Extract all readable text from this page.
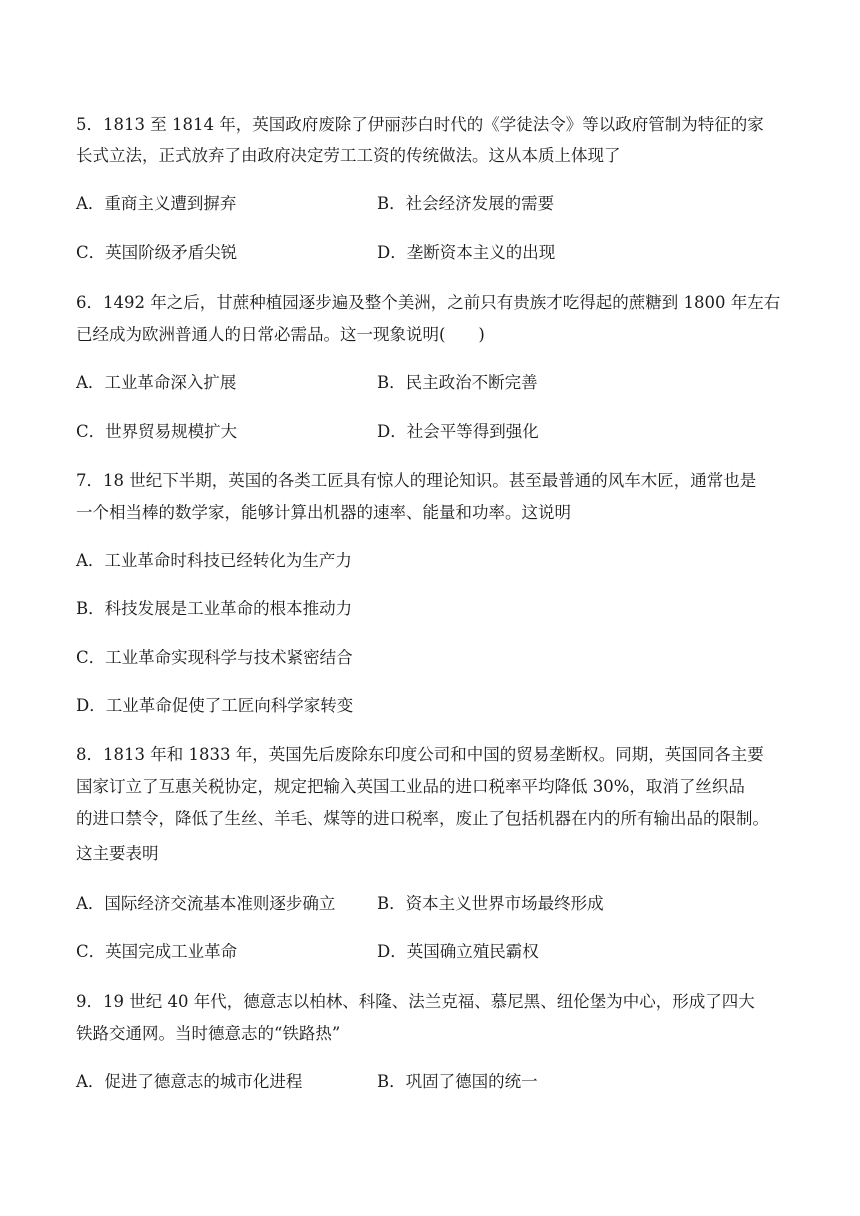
5．1813 至 1814 年，英国政府废除了伊丽莎白时代的《学徒法令》等以政府管制为特征的家
长式立法，正式放弃了由政府决定劳工工资的传统做法。这从本质上体现了
A．重商主义遭到摒弃	B．社会经济发展的需要
C．英国阶级矛盾尖锐	D．垄断资本主义的出现
6．1492 年之后，甘蔗种植园逐步遍及整个美洲，之前只有贵族才吃得起的蔗糖到 1800 年左右
已经成为欧洲普通人的日常必需品。这一现象说明(　　)
A．工业革命深入扩展	B．民主政治不断完善
C．世界贸易规模扩大	D．社会平等得到强化
7．18 世纪下半期，英国的各类工匠具有惊人的理论知识。甚至最普通的风车木匠，通常也是
一个相当棒的数学家，能够计算出机器的速率、能量和功率。这说明
A．工业革命时科技已经转化为生产力
B．科技发展是工业革命的根本推动力
C．工业革命实现科学与技术紧密结合
D．工业革命促使了工匠向科学家转变
8．1813 年和 1833 年，英国先后废除东印度公司和中国的贸易垄断权。同期，英国同各主要
国家订立了互惠关税协定，规定把输入英国工业品的进口税率平均降低 30%，取消了丝织品
的进口禁令，降低了生丝、羊毛、煤等的进口税率，废止了包括机器在内的所有输出品的限制。
这主要表明
A．国际经济交流基本准则逐步确立	B．资本主义世界市场最终形成
C．英国完成工业革命	D．英国确立殖民霸权
9．19 世纪 40 年代，德意志以柏林、科隆、法兰克福、慕尼黑、纽伦堡为中心，形成了四大
铁路交通网。当时德意志的“铁路热”
A．促进了德意志的城市化进程	B．巩固了德国的统一
